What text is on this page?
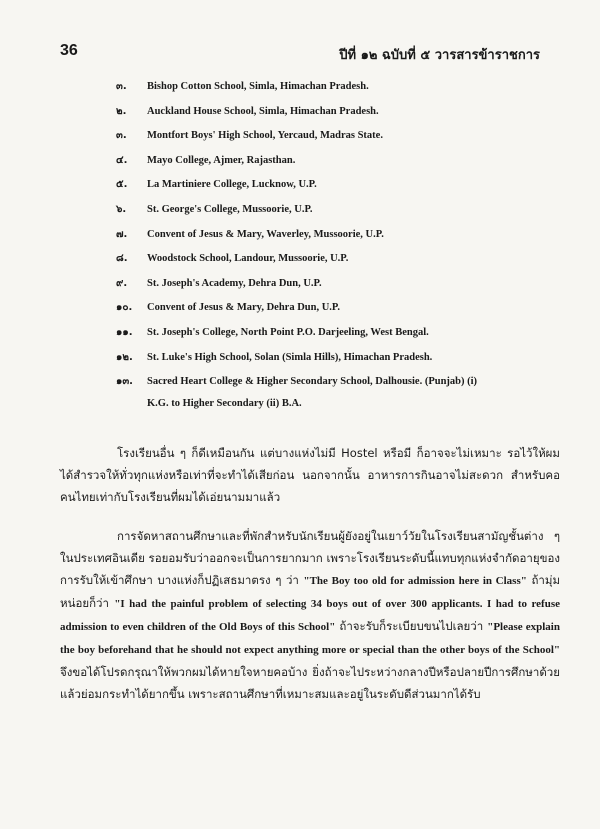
36	ปีที่ ๑๒ ฉบับที่ ๕ วารสารข้าราชการ
๓. Bishop Cotton School, Simla, Himachan Pradesh.
๒. Auckland House School, Simla, Himachan Pradesh.
๓. Montfort Boys' High School, Yercaud, Madras State.
๔. Mayo College, Ajmer, Rajasthan.
๕. La Martiniere College, Lucknow, U.P.
๖. St. George's College, Mussoorie, U.P.
๗. Convent of Jesus & Mary, Waverley, Mussoorie, U.P.
๘. Woodstock School, Landour, Mussoorie, U.P.
๙. St. Joseph's Academy, Dehra Dun, U.P.
๑๐. Convent of Jesus & Mary, Dehra Dun, U.P.
๑๑. St. Joseph's College, North Point P.O. Darjeeling, West Bengal.
๑๒. St. Luke's High School, Solan (Simla Hills), Himachan Pradesh.
๑๓. Sacred Heart College & Higher Secondary School, Dalhousie. (Punjab) (i)
K.G. to Higher Secondary (ii) B.A.

โรงเรียนอื่น ๆ ก็ดีเหมือนกัน แต่บางแห่งไม่มี Hostel หรือมี ก็อาจจะไม่เหมาะ รอไว้ให้ผมได้สำรวจให้ทั่วทุกแห่งหรือเท่าที่จะทำได้เสียก่อน นอกจากนั้น อาหารการกินอาจไม่สะดวก สำหรับคอคนไทยเท่ากับโรงเรียนที่ผมได้เอ่ยนามมาแล้ว

การจัดหาสถานศึกษาและที่พักสำหรับนักเรียนผู้ยังอยู่ในเยาว์วัยในโรงเรียนสามัญชั้นต่าง ๆ ในประเทศอินเดีย รอยอมรับว่าออกจะเป็นการยากมาก เพราะโรงเรียนระดับนี้แทบทุกแห่งจำกัดอายุของการรับให้เข้าศึกษา บางแห่งก็ปฏิเสธมาตรง ๆ ว่า "The Boy too old for admission here in Class" ถ้ามุ่มหน่อยก็ว่า "I had the painful problem of selecting 34 boys out of over 300 applicants. I had to refuse admission to even children of the Old Boys of this School" ถ้าจะรับก็ระเบียบขนไปเลยว่า "Please explain the boy beforehand that he should not expect anything more or special than the other boys of the School" จึงขอได้โปรดกรุณาให้พวกผมได้หายใจหายคอบ้าง ยิ่งถ้าจะไประหว่างกลางปีหรือปลายปีการศึกษาด้วยแล้วย่อมกระทำได้ยากขึ้น เพราะสถานศึกษาที่เหมาะสมและอยู่ในระดับดีส่วนมากได้รับ
